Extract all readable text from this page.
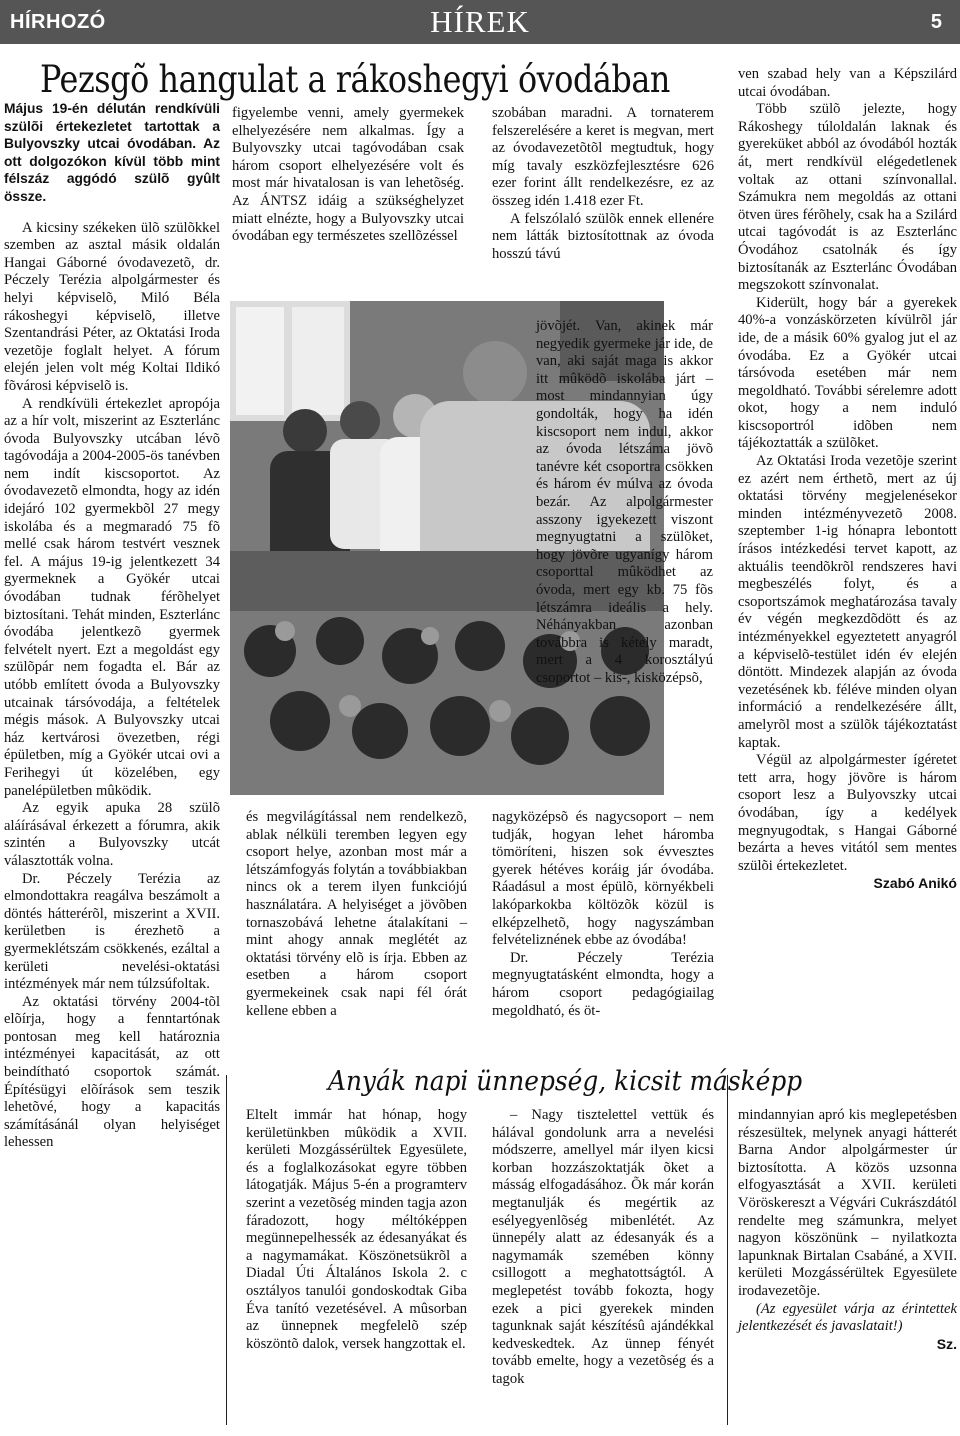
HÍRHOZÓ	HÍREK	5
Pezsgõ hangulat a rákoshegyi óvodában

Május 19-én délután rendkívüli szülõi értekezletet tartottak a Bulyovszky utcai óvodában. Az ott dolgozókon kívül több mint félszáz aggódó szülõ gyûlt össze.

A kicsiny székeken ülõ szülõkkel szemben az asztal másik oldalán Hangai Gáborné óvodavezetõ, dr. Péczely Terézia alpolgármester és helyi képviselõ, Miló Béla rákoshegyi képviselõ, illetve Szentandrási Péter, az Oktatási Iroda vezetõje foglalt helyet. A fórum elején jelen volt még Koltai Ildikó fõvárosi képviselõ is.

A rendkívüli értekezlet apropója az a hír volt, miszerint az Eszterlánc óvoda Bulyovszky utcában lévõ tagóvodája a 2004-2005-ös tanévben nem indít kiscsoportot. Az óvodavezetõ elmondta, hogy az idén idejáró 102 gyermekbõl 27 megy iskolába és a megmaradó 75 fõ mellé csak három testvért vesznek fel. A május 19-ig jelentkezett 34 gyermeknek a Gyökér utcai óvodában tudnak férõhelyet biztosítani. Tehát minden, Eszterlánc óvodába jelentkezõ gyermek felvételt nyert. Ezt a megoldást egy szülõpár nem fogadta el. Bár az utóbb említett óvoda a Bulyovszky utcainak társóvodája, a feltételek mégis mások. A Bulyovszky utcai ház kertvárosi övezetben, régi épületben, míg a Gyökér utcai ovi a Ferihegyi út közelében, egy panelépületben mûködik.

Az egyik apuka 28 szülõ aláírásával érkezett a fórumra, akik szintén a Bulyovszky utcát választották volna.

Dr. Péczely Terézia az elmondottakra reagálva beszámolt a döntés hátterérõl, miszerint a XVII. kerületben is érezhetõ a gyermeklétszám csökkenés, ezáltal a kerületi nevelési-oktatási intézmények már nem túlzsúfoltak.

Az oktatási törvény 2004-tõl elõírja, hogy a fenntartónak pontosan meg kell határoznia intézményei kapacitását, az ott beindítható csoportok számát. Építésügyi elõírások sem teszik lehetõvé, hogy a kapacitás számításánál olyan helyiséget lehessen

figyelembe venni, amely gyermekek elhelyezésére nem alkalmas. Így a Bulyovszky utcai tagóvodában csak három csoport elhelyezésére volt és most már hivatalosan is van lehetõség. Az ÁNTSZ idáig a szükséghelyzet miatt elnézte, hogy a Bulyovszky utcai óvodában egy természetes szellõzéssel

és megvilágítással nem rendelkezõ, ablak nélküli teremben legyen egy csoport helye, azonban most már a létszámfogyás folytán a továbbiakban nincs ok a terem ilyen funkciójú használatára. A helyiséget a jövõben tornaszobává lehetne átalakítani – mint ahogy annak meglétét az oktatási törvény elõ is írja. Ebben az esetben a három csoport gyermekeinek csak napi fél órát kellene ebben a

szobában maradni. A tornaterem felszerelésére a keret is megvan, mert az óvodavezetõtõl megtudtuk, hogy míg tavaly eszközfejlesztésre 626 ezer forint állt rendelkezésre, ez az összeg idén 1.418 ezer Ft.

A felszólaló szülõk ennek ellenére nem látták biztosítottnak az óvoda hosszú távú

jövõjét. Van, akinek már negyedik gyermeke jár ide, de van, aki saját maga is akkor itt mûködõ iskolába járt – most mindannyian úgy gondolták, hogy ha idén kiscsoport nem indul, akkor az óvoda létszáma jövõ tanévre két csoportra csökken és három év múlva az óvoda bezár. Az alpolgármester asszony igyekezett viszont megnyugtatni a szülõket, hogy jövõre ugyanígy három csoporttal mûködhet az óvoda, mert egy kb. 75 fõs létszámra ideális a hely. Néhányakban azonban továbbra is kétely maradt, mert a 4 korosztályú csoportot – kis-, kisközépsõ,

nagyközépsõ és nagycsoport – nem tudják, hogyan lehet háromba tömöríteni, hiszen sok évvesztes gyerek hétéves koráig jár óvodába. Ráadásul a most épülõ, környékbeli lakóparkokba költözõk közül is elképzelhetõ, hogy nagyszámban felvételiznének ebbe az óvodába!

Dr. Péczely Terézia megnyugtatásként elmondta, hogy a három csoport pedagógiailag megoldható, és öt-

ven szabad hely van a Képszilárd utcai óvodában.

Több szülõ jelezte, hogy Rákoshegy túloldalán laknak és gyereküket abból az óvodából hozták át, mert rendkívül elégedetlenek voltak az ottani színvonallal. Számukra nem megoldás az ottani ötven üres férõhely, csak ha a Szilárd utcai tagóvodát is az Eszterlánc Óvodához csatolnák és így biztosítanák az Eszterlánc Óvodában megszokott színvonalat.

Kiderült, hogy bár a gyerekek 40%-a vonzáskörzeten kívülrõl jár ide, de a másik 60% gyalog jut el az óvodába. Ez a Gyökér utcai társóvoda esetében már nem megoldható. További sérelemre adott okot, hogy a nem induló kiscsoportról idõben nem tájékoztatták a szülõket.

Az Oktatási Iroda vezetõje szerint ez azért nem érthetõ, mert az új oktatási törvény megjelenésekor minden intézményvezetõ 2008. szeptember 1-ig hónapra lebontott írásos intézkedési tervet kapott, az aktuális teendõkrõl rendszeres havi megbeszélés folyt, és a csoportszámok meghatározása tavaly év végén megkezdõdött és az intézményekkel egyeztetett anyagról a képviselõ-testület idén év elején döntött. Mindezek alapján az óvoda vezetésének kb. féléve minden olyan információ a rendelkezésére állt, amelyrõl most a szülõk tájékoztatást kaptak.

Végül az alpolgármester ígéretet tett arra, hogy jövõre is három csoport lesz a Bulyovszky utcai óvodában, így a kedélyek megnyugodtak, s Hangai Gáborné bezárta a heves vitától sem mentes szülõi értekezletet.

Szabó Anikó

Anyák napi ünnepség, kicsit másképp

Eltelt immár hat hónap, hogy kerületünkben mûködik a XVII. kerületi Mozgássérültek Egyesülete, és a foglalkozásokat egyre többen látogatják. Május 5-én a programterv szerint a vezetõség minden tagja azon fáradozott, hogy méltóképpen megünnepelhessék az édesanyákat és a nagymamákat. Köszönetsükrõl a Diadal Úti Általános Iskola 2. c osztályos tanulói gondoskodtak Giba Éva tanító vezetésével. A mûsorban az ünnepnek megfelelõ szép köszöntõ dalok, versek hangzottak el.

– Nagy tisztelettel vettük és hálával gondolunk arra a nevelési módszerre, amellyel már ilyen kicsi korban hozzászoktatják õket a másság elfogadásához. Õk már korán megtanulják és megértik az esélyegyenlõség mibenlétét. Az ünnepély alatt az édesanyák és a nagymamák szemében könny csillogott a meghatottságtól. A meglepetést tovább fokozta, hogy ezek a pici gyerekek minden tagunknak saját készítésû ajándékkal kedveskedtek. Az ünnep fényét tovább emelte, hogy a vezetõség és a tagok

mindannyian apró kis meglepetésben részesültek, melynek anyagi hátterét Barna Andor alpolgármester úr biztosította. A közös uzsonna elfogyasztását a XVII. kerületi Vöröskereszt a Végvári Cukrászdától rendelte meg számunkra, melyet nagyon köszönünk – nyilatkozta lapunknak Birtalan Csabáné, a XVII. kerületi Mozgássérültek Egyesülete irodavezetõje.

(Az egyesület várja az érintettek jelentkezését és javaslatait!)

Sz.
